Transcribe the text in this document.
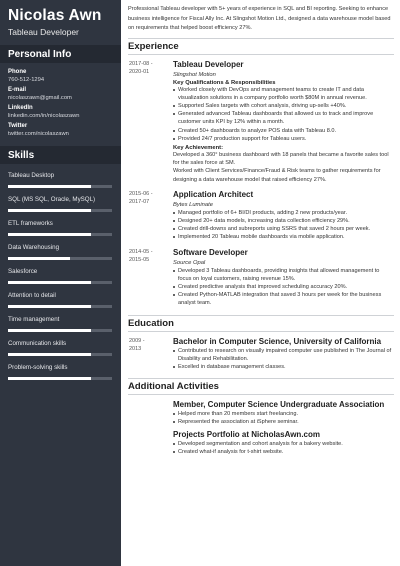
Nicolas Awn
Tableau Developer
Personal Info
Phone
760-512-1294
E-mail
nicolaszawn@gmail.com
LinkedIn
linkedin.com/in/nicolaszawn
Twitter
twitter.com/nicolaszawn
Skills
Tableau Desktop
SQL (MS SQL, Oracle, MySQL)
ETL frameworks
Data Warehousing
Salesforce
Attention to detail
Time management
Communication skills
Problem-solving skills

Professional Tableau developer with 5+ years of experience in SQL and BI reporting. Seeking to enhance business intelligence for Fiscal Ally Inc. At Slingshot Motion Ltd., designed a data warehouse model based on requirements that helped boost efficiency 27%.

Experience
2017-08 -
2020-01
Tableau Developer
Slingshot Motion
Key Qualifications & Responsibilities
Worked closely with DevOps and management teams to create IT and data visualization solutions in a company portfolio worth $80M in annual revenue.
Supported Sales targets with cohort analysis, driving up-sells +40%.
Generated advanced Tableau dashboards that allowed us to track and improve customer units KPI by 12% within a month.
Created 50+ dashboards to analyze POS data with Tableau 8.0.
Provided 24/7 production support for Tableau users.
Key Achievement:
Developed a 360° business dashboard with 18 panels that became a favorite sales tool for the sales force at SM.
Worked with Client Services/Finance/Fraud & Risk teams to gather requirements for designing a data warehouse model that raised efficiency 27%.
2015-06 -
2017-07
Application Architect
Bytes Luminate
Managed portfolio of 6+ BI/DI products, adding 2 new products/year.
Designed 20+ data models, increasing data collection efficiency 29%.
Created drill-downs and subreports using SSRS that saved 2 hours per week.
Implemented 20 Tableau mobile dashboards via mobile application.
2014-05 -
2015-05
Software Developer
Source Opal
Developed 3 Tableau dashboards, providing insights that allowed management to focus on loyal customers, raising revenue 15%.
Created predictive analysis that improved scheduling accuracy 20%.
Created Python-MATLAB integration that saved 3 hours per week for the business analyst team.
Education
2009 -
2013
Bachelor in Computer Science, University of California
Contributed to research on visually impaired computer use published in The Journal of Disability and Rehabilitation.
Excelled in database management classes.
Additional Activities
Member, Computer Science Undergraduate Association
Helped more than 20 members start freelancing.
Represented the association at iSphere seminar.
Projects Portfolio at NicholasAwn.com
Developed segmentation and cohort analysis for a bakery website.
Created what-if analysis for t-shirt website.
